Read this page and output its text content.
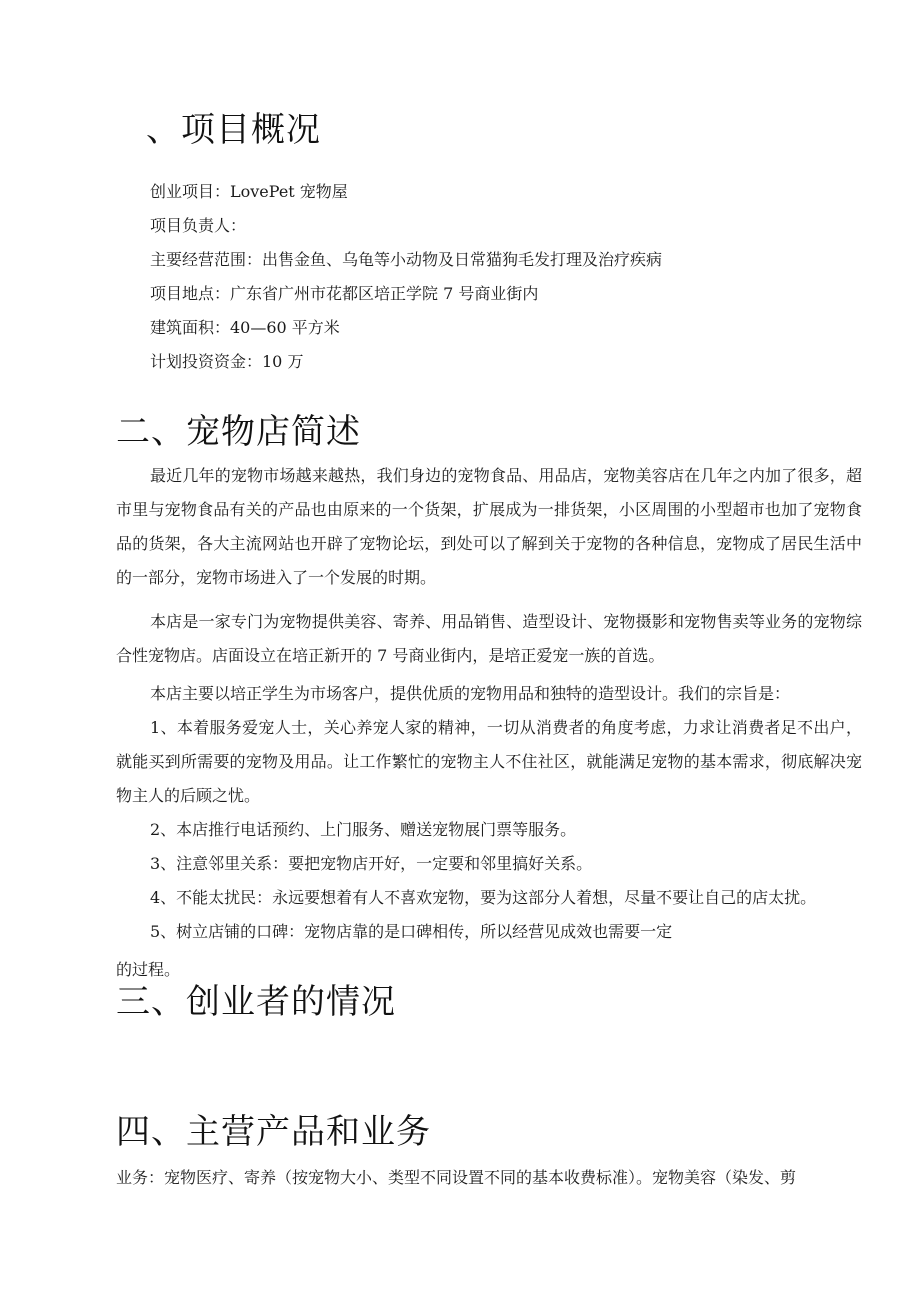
、项目概况
创业项目：LovePet 宠物屋
项目负责人：
主要经营范围：出售金鱼、乌龟等小动物及日常猫狗毛发打理及治疗疾病
项目地点：广东省广州市花都区培正学院 7 号商业街内
建筑面积：40—60 平方米
计划投资资金：10 万
二、宠物店简述

最近几年的宠物市场越来越热，我们身边的宠物食品、用品店，宠物美容店在几年之内加了很多，超市里与宠物食品有关的产品也由原来的一个货架，扩展成为一排货架，小区周围的小型超市也加了宠物食品的货架，各大主流网站也开辟了宠物论坛，到处可以了解到关于宠物的各种信息，宠物成了居民生活中的一部分，宠物市场进入了一个发展的时期。

本店是一家专门为宠物提供美容、寄养、用品销售、造型设计、宠物摄影和宠物售卖等业务的宠物综合性宠物店。店面设立在培正新开的 7 号商业街内，是培正爱宠一族的首选。

本店主要以培正学生为市场客户，提供优质的宠物用品和独特的造型设计。我们的宗旨是：

1、本着服务爱宠人士，关心养宠人家的精神，一切从消费者的角度考虑，力求让消费者足不出户，就能买到所需要的宠物及用品。让工作繁忙的宠物主人不住社区，就能满足宠物的基本需求，彻底解决宠物主人的后顾之忧。

2、本店推行电话预约、上门服务、赠送宠物展门票等服务。

3、注意邻里关系：要把宠物店开好，一定要和邻里搞好关系。

4、不能太扰民：永远要想着有人不喜欢宠物，要为这部分人着想，尽量不要让自己的店太扰。

5、树立店铺的口碑：宠物店靠的是口碑相传，所以经营见成效也需要一定

的过程。
三、创业者的情况
四、主营产品和业务
业务：宠物医疗、寄养（按宠物大小、类型不同设置不同的基本收费标准）。宠物美容（染发、剪
